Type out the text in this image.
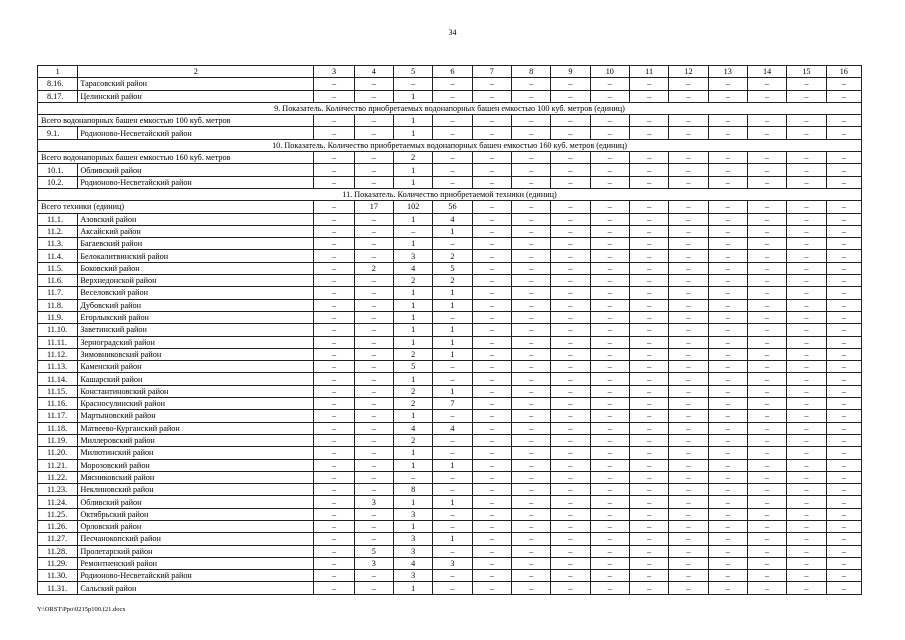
34
1	2	3	4	5	6	7	8	9	10	11	12	13	14	15	16
8.16.	Тарасовский район	–	–	–	–	–	–	–	–	–	–	–	–	–	–
8.17.	Целинский район	–	–	1	–	–	–	–	–	–	–	–	–	–	–
9. Показатель. Количество приобретаемых водонапорных башен емкостью 100 куб. метров (единиц)															
Всего водонапорных башен емкостью 100 куб. метров		–	–	1	–	–	–	–	–	–	–	–	–	–	–
9.1.	Родионово-Несветайский район	–	–	1	–	–	–	–	–	–	–	–	–	–	–
10. Показатель. Количество приобретаемых водонапорных башен емкостью 160 куб. метров (единиц)															
Всего водонапорных башен емкостью 160 куб. метров		–	–	2	–	–	–	–	–	–	–	–	–	–	–
10.1.	Обливский район	–	–	1	–	–	–	–	–	–	–	–	–	–	–
10.2.	Родионово-Несветайский район	–	–	1	–	–	–	–	–	–	–	–	–	–	–
11. Показатель. Количество приобретаемой техники (единиц)															
Всего техники (единиц)		–	17	102	56	–	–	–	–	–	–	–	–	–	–
11.1.	Азовский район	–	–	1	4	–	–	–	–	–	–	–	–	–	–
11.2.	Аксайский район	–	–	–	1	–	–	–	–	–	–	–	–	–	–
11.3.	Багаевский район	–	–	1	–	–	–	–	–	–	–	–	–	–	–
11.4.	Белокалитвинский район	–	–	3	2	–	–	–	–	–	–	–	–	–	–
11.5.	Боковский район	–	2	4	5	–	–	–	–	–	–	–	–	–	–
11.6.	Верхнедонской район	–	–	2	2	–	–	–	–	–	–	–	–	–	–
11.7.	Веселовский район	–	–	1	1	–	–	–	–	–	–	–	–	–	–
11.8.	Дубовский район	–	–	1	1	–	–	–	–	–	–	–	–	–	–
11.9.	Егорлыкский район	–	–	1	–	–	–	–	–	–	–	–	–	–	–
11.10.	Заветинский район	–	–	1	1	–	–	–	–	–	–	–	–	–	–
11.11.	Зерноградский район	–	–	1	1	–	–	–	–	–	–	–	–	–	–
11.12.	Зимовниковский район	–	–	2	1	–	–	–	–	–	–	–	–	–	–
11.13.	Каменский район	–	–	5	–	–	–	–	–	–	–	–	–	–	–
11.14.	Кашарский район	–	–	1	–	–	–	–	–	–	–	–	–	–	–
11.15.	Константиновский район	–	–	2	1	–	–	–	–	–	–	–	–	–	–
11.16.	Красносулинский район	–	–	2	7	–	–	–	–	–	–	–	–	–	–
11.17.	Мартыновский район	–	–	1	–	–	–	–	–	–	–	–	–	–	–
11.18.	Матвеево-Курганский район	–	–	4	4	–	–	–	–	–	–	–	–	–	–
11.19.	Миллеровский район	–	–	2	–	–	–	–	–	–	–	–	–	–	–
11.20.	Милютинский район	–	–	1	–	–	–	–	–	–	–	–	–	–	–
11.21.	Морозовский район	–	–	1	1	–	–	–	–	–	–	–	–	–	–
11.22.	Мясниковский район	–	–	–	–	–	–	–	–	–	–	–	–	–	–
11.23.	Неклиновский район	–	–	8	–	–	–	–	–	–	–	–	–	–	–
11.24.	Обливский район	–	3	1	1	–	–	–	–	–	–	–	–	–	–
11.25.	Октябрьский район	–	–	3	–	–	–	–	–	–	–	–	–	–	–
11.26.	Орловский район	–	–	1	–	–	–	–	–	–	–	–	–	–	–
11.27.	Песчанокопский район	–	–	3	1	–	–	–	–	–	–	–	–	–	–
11.28.	Пролетарский район	–	5	3	–	–	–	–	–	–	–	–	–	–	–
11.29.	Ремонтненский район	–	3	4	3	–	–	–	–	–	–	–	–	–	–
11.30.	Родионово-Несветайский район	–	–	3	–	–	–	–	–	–	–	–	–	–	–
11.31.	Сальский район	–	–	1	–	–	–	–	–	–	–	–	–	–	–
Y:\ORST\Ppo\0215p100.f21.docx
